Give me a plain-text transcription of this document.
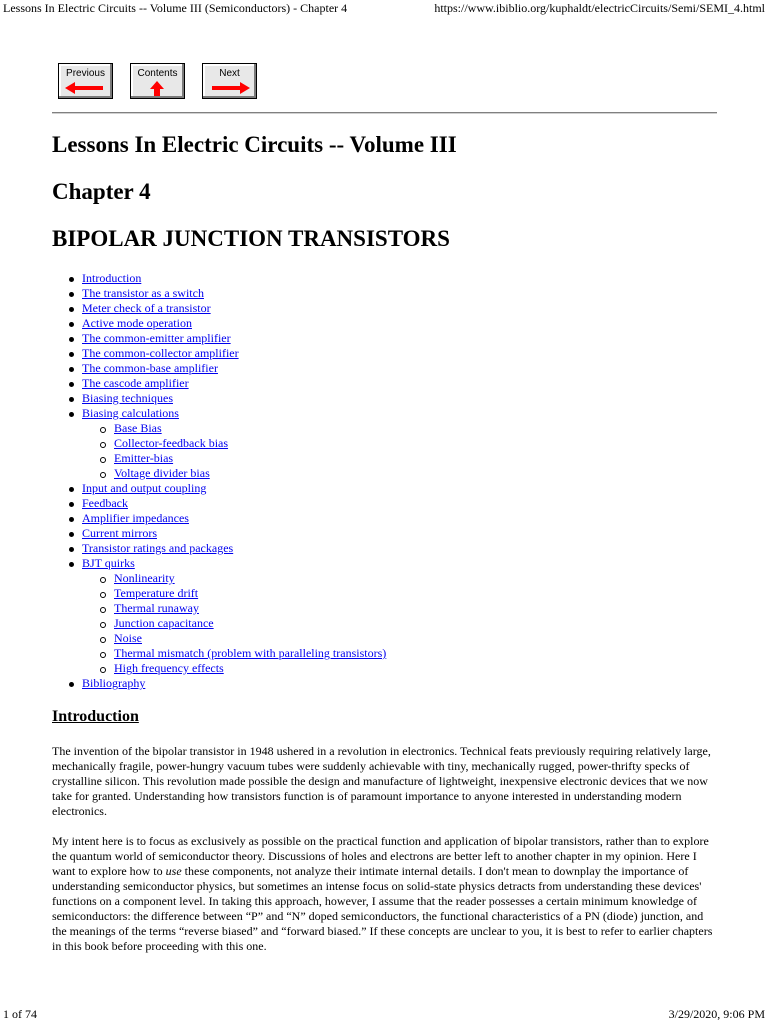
Lessons In Electric Circuits -- Volume III (Semiconductors) - Chapter 4	https://www.ibiblio.org/kuphaldt/electricCircuits/Semi/SEMI_4.html
Previous	Contents	Next
Lessons In Electric Circuits -- Volume III
Chapter 4
BIPOLAR JUNCTION TRANSISTORS
Introduction
The transistor as a switch
Meter check of a transistor
Active mode operation
The common-emitter amplifier
The common-collector amplifier
The common-base amplifier
The cascode amplifier
Biasing techniques
Biasing calculations
Base Bias
Collector-feedback bias
Emitter-bias
Voltage divider bias
Input and output coupling
Feedback
Amplifier impedances
Current mirrors
Transistor ratings and packages
BJT quirks
Nonlinearity
Temperature drift
Thermal runaway
Junction capacitance
Noise
Thermal mismatch (problem with paralleling transistors)
High frequency effects
Bibliography
Introduction

The invention of the bipolar transistor in 1948 ushered in a revolution in electronics. Technical feats previously requiring relatively large, mechanically fragile, power-hungry vacuum tubes were suddenly achievable with tiny, mechanically rugged, power-thrifty specks of crystalline silicon. This revolution made possible the design and manufacture of lightweight, inexpensive electronic devices that we now take for granted. Understanding how transistors function is of paramount importance to anyone interested in understanding modern electronics.

My intent here is to focus as exclusively as possible on the practical function and application of bipolar transistors, rather than to explore the quantum world of semiconductor theory. Discussions of holes and electrons are better left to another chapter in my opinion. Here I want to explore how to use these components, not analyze their intimate internal details. I don't mean to downplay the importance of understanding semiconductor physics, but sometimes an intense focus on solid-state physics detracts from understanding these devices' functions on a component level. In taking this approach, however, I assume that the reader possesses a certain minimum knowledge of semiconductors: the difference between “P” and “N” doped semiconductors, the functional characteristics of a PN (diode) junction, and the meanings of the terms “reverse biased” and “forward biased.” If these concepts are unclear to you, it is best to refer to earlier chapters in this book before proceeding with this one.

1 of 74	3/29/2020, 9:06 PM
